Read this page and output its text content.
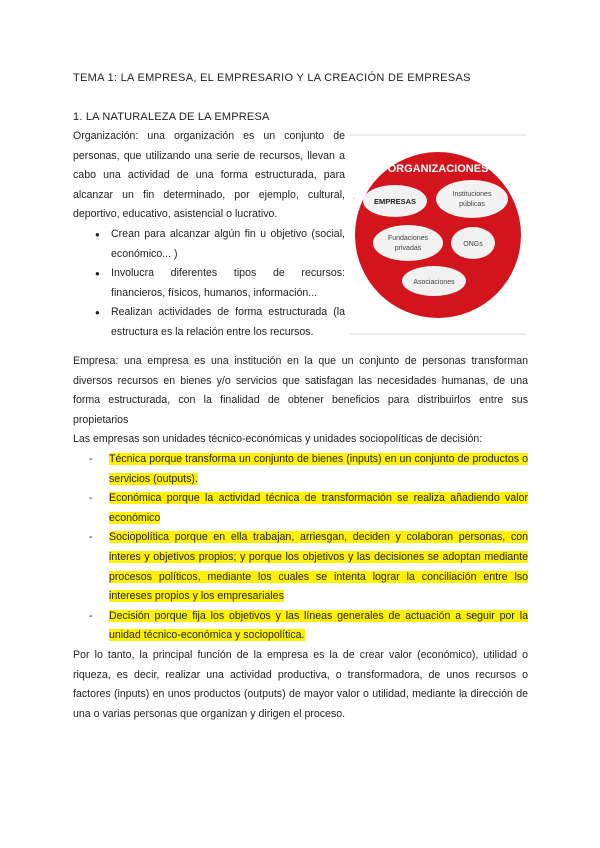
TEMA 1: LA EMPRESA, EL EMPRESARIO Y LA CREACIÓN DE EMPRESAS
1. LA NATURALEZA DE LA EMPRESA

Organización: una organización es un conjunto de personas, que utilizando una serie de recursos, llevan a cabo una actividad de una forma estructurada, para alcanzar un fin determinado, por ejemplo, cultural, deportivo, educativo, asistencial o lucrativo.

● Crean para alcanzar algún fin u objetivo (social, económico... )
● Involucra diferentes tipos de recursos: financieros, físicos, humanos, información...
● Realizan actividades de forma estructurada (la estructura es la relación entre los recursos.
·
ORGANIZACIONES
EMPRESAS
Instituciones
públicas
Fundaciones
privadas
ONGs
Asociaciones

Empresa: una empresa es una institución en la que un conjunto de personas transforman diversos recursos en bienes y/o servicios que satisfagan las necesidades humanas, de una forma estructurada, con la finalidad de obtener beneficios para distribuirlos entre sus propietarios

Las empresas son unidades técnico-económicas y unidades sociopolíticas de decisión:

- Técnica porque transforma un conjunto de bienes (inputs) en un conjunto de productos o servicios (outputs).
- Económica porque la actividad técnica de transformación se realiza añadiendo valor económico
- Sociopolítica porque en ella trabajan, arriesgan, deciden y colaboran personas, con interes y objetivos propios; y porque los objetivos y las decisiones se adoptan mediante procesos políticos, mediante los cuales se intenta lograr la conciliación entre lso intereses propios y los empresariales
- Decisión porque fija los objetivos y las líneas generales de actuación a seguir por la unidad técnico-económica y sociopolítica.

Por lo tanto, la principal función de la empresa es la de crear valor (económico), utilidad o riqueza, es decir, realizar una actividad productiva, o transformadora, de unos recursos o factores (inputs) en unos productos (outputs) de mayor valor o utilidad, mediante la dirección de una o varias personas que organizan y dirigen el proceso.
